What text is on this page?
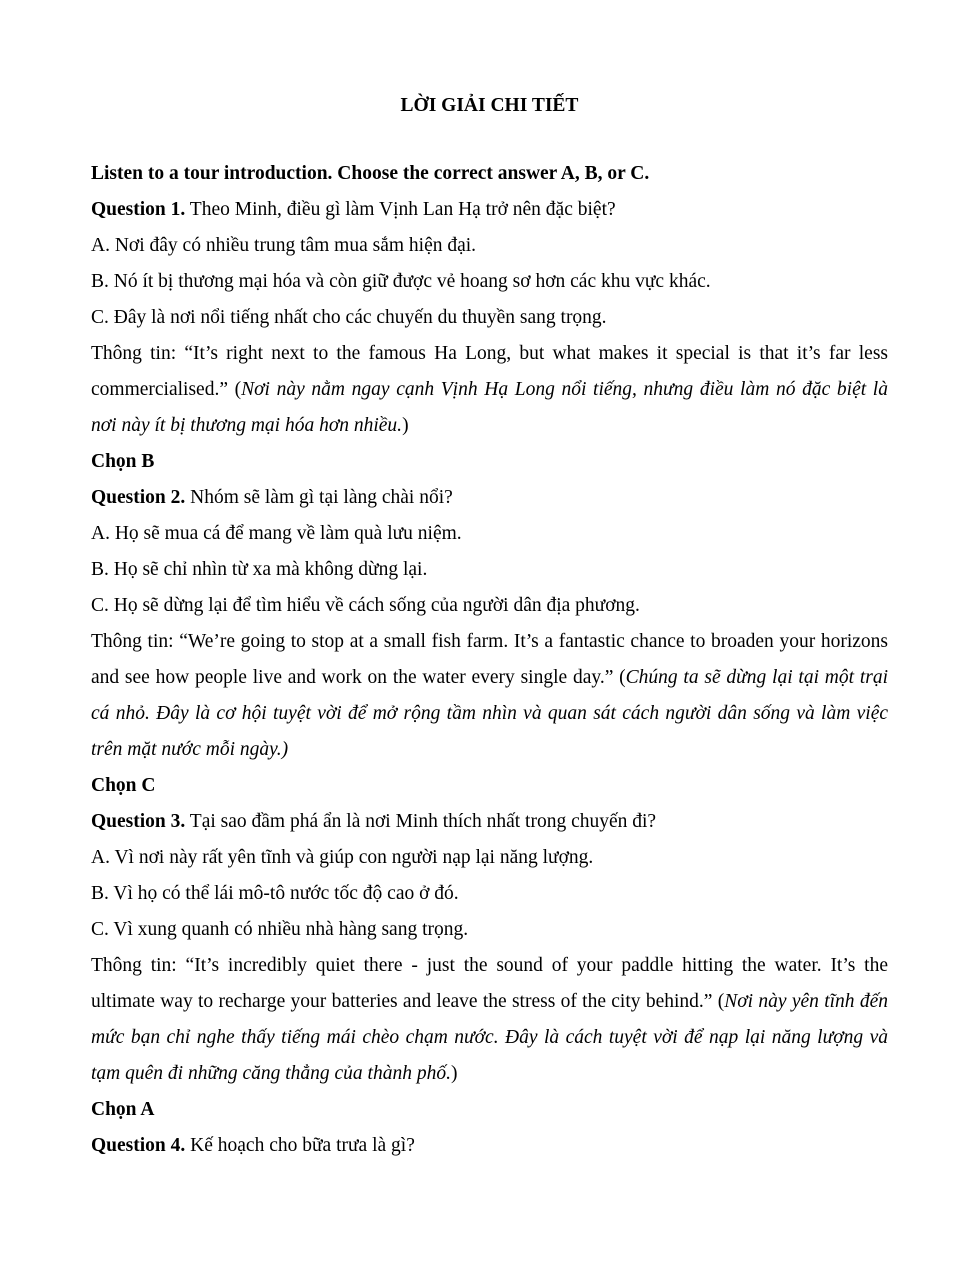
LỜI GIẢI CHI TIẾT
Listen to a tour introduction. Choose the correct answer A, B, or C.
Question 1. Theo Minh, điều gì làm Vịnh Lan Hạ trở nên đặc biệt?
A. Nơi đây có nhiều trung tâm mua sắm hiện đại.
B. Nó ít bị thương mại hóa và còn giữ được vẻ hoang sơ hơn các khu vực khác.
C. Đây là nơi nổi tiếng nhất cho các chuyến du thuyền sang trọng.
Thông tin: “It’s right next to the famous Ha Long, but what makes it special is that it’s far less commercialised.” (Nơi này nằm ngay cạnh Vịnh Hạ Long nổi tiếng, nhưng điều làm nó đặc biệt là nơi này ít bị thương mại hóa hơn nhiều.)
Chọn B
Question 2. Nhóm sẽ làm gì tại làng chài nổi?
A. Họ sẽ mua cá để mang về làm quà lưu niệm.
B. Họ sẽ chỉ nhìn từ xa mà không dừng lại.
C. Họ sẽ dừng lại để tìm hiểu về cách sống của người dân địa phương.
Thông tin: “We’re going to stop at a small fish farm. It’s a fantastic chance to broaden your horizons and see how people live and work on the water every single day.” (Chúng ta sẽ dừng lại tại một trại cá nhỏ. Đây là cơ hội tuyệt vời để mở rộng tầm nhìn và quan sát cách người dân sống và làm việc trên mặt nước mỗi ngày.)
Chọn C
Question 3. Tại sao đầm phá ẩn là nơi Minh thích nhất trong chuyến đi?
A. Vì nơi này rất yên tĩnh và giúp con người nạp lại năng lượng.
B. Vì họ có thể lái mô-tô nước tốc độ cao ở đó.
C. Vì xung quanh có nhiều nhà hàng sang trọng.
Thông tin: “It’s incredibly quiet there - just the sound of your paddle hitting the water. It’s the ultimate way to recharge your batteries and leave the stress of the city behind.” (Nơi này yên tĩnh đến mức bạn chỉ nghe thấy tiếng mái chèo chạm nước. Đây là cách tuyệt vời để nạp lại năng lượng và tạm quên đi những căng thẳng của thành phố.)
Chọn A
Question 4. Kế hoạch cho bữa trưa là gì?
